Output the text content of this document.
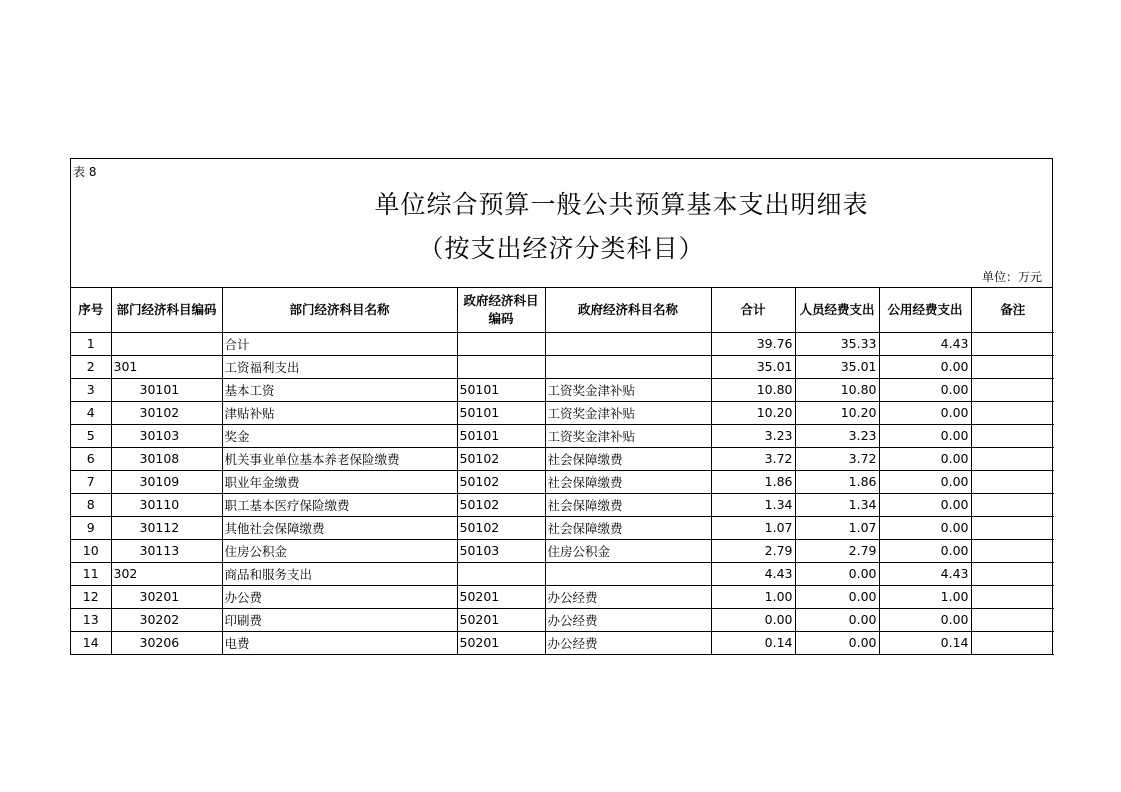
表 8
单位综合预算一般公共预算基本支出明细表
（按支出经济分类科目）
单位：万元
序号	部门经济科目编码	部门经济科目名称	政府经济科目编码	政府经济科目名称	合计	人员经费支出	公用经费支出	备注
1		合计			39.76	35.33	4.43	
2	301	工资福利支出			35.01	35.01	0.00	
3	30101	基本工资	50101	工资奖金津补贴	10.80	10.80	0.00	
4	30102	津贴补贴	50101	工资奖金津补贴	10.20	10.20	0.00	
5	30103	奖金	50101	工资奖金津补贴	3.23	3.23	0.00	
6	30108	机关事业单位基本养老保险缴费	50102	社会保障缴费	3.72	3.72	0.00	
7	30109	职业年金缴费	50102	社会保障缴费	1.86	1.86	0.00	
8	30110	职工基本医疗保险缴费	50102	社会保障缴费	1.34	1.34	0.00	
9	30112	其他社会保障缴费	50102	社会保障缴费	1.07	1.07	0.00	
10	30113	住房公积金	50103	住房公积金	2.79	2.79	0.00	
11	302	商品和服务支出			4.43	0.00	4.43	
12	30201	办公费	50201	办公经费	1.00	0.00	1.00	
13	30202	印刷费	50201	办公经费	0.00	0.00	0.00	
14	30206	电费	50201	办公经费	0.14	0.00	0.14	
